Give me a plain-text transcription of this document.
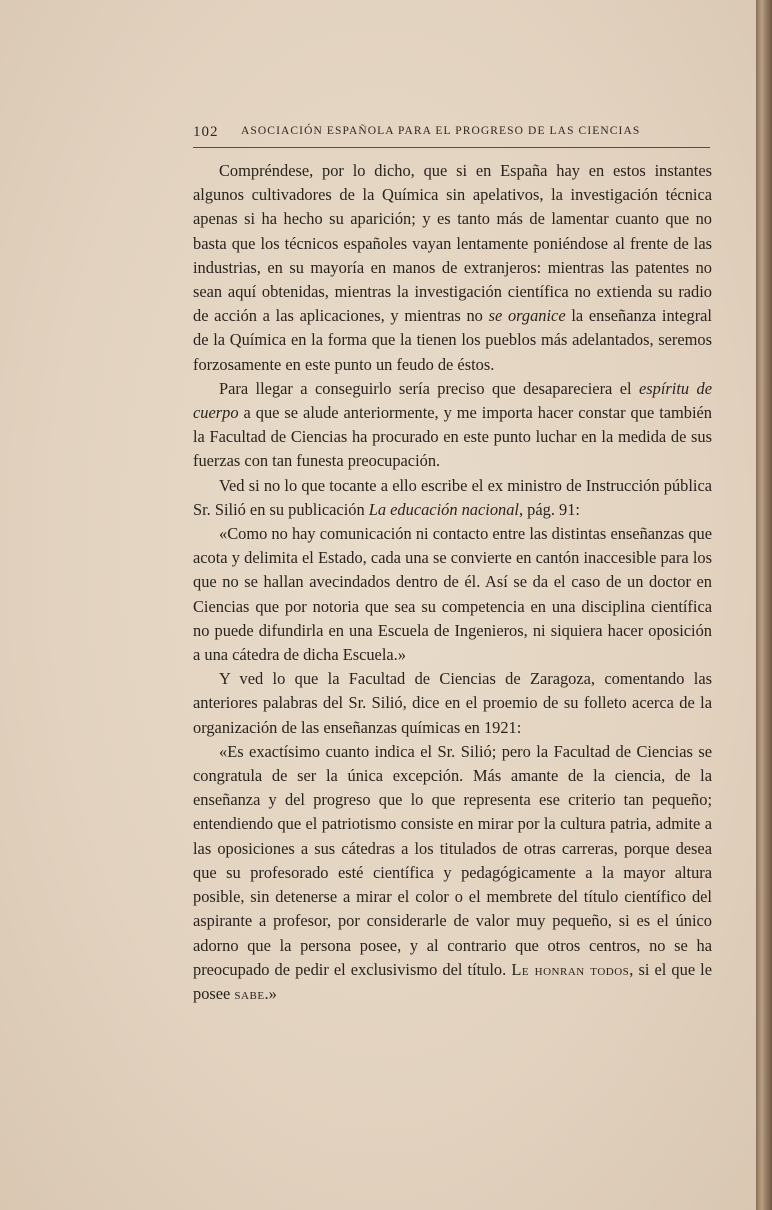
102 ASOCIACIÓN ESPAÑOLA PARA EL PROGRESO DE LAS CIENCIAS

Compréndese, por lo dicho, que si en España hay en estos instantes algunos cultivadores de la Química sin apelativos, la investigación técnica apenas si ha hecho su aparición; y es tanto más de lamentar cuanto que no basta que los técnicos españoles vayan lentamente poniéndose al frente de las industrias, en su mayoría en manos de extranjeros: mientras las patentes no sean aquí obtenidas, mientras la investigación científica no extienda su radio de acción a las aplicaciones, y mientras no se organice la enseñanza integral de la Química en la forma que la tienen los pueblos más adelantados, seremos forzosamente en este punto un feudo de éstos.

Para llegar a conseguirlo sería preciso que desapareciera el espíritu de cuerpo a que se alude anteriormente, y me importa hacer constar que también la Facultad de Ciencias ha procurado en este punto luchar en la medida de sus fuerzas con tan funesta preocupación.

Ved si no lo que tocante a ello escribe el ex ministro de Instrucción pública Sr. Silió en su publicación La educación nacional, pág. 91:

«Como no hay comunicación ni contacto entre las distintas enseñanzas que acota y delimita el Estado, cada una se convierte en cantón inaccesible para los que no se hallan avecindados dentro de él. Así se da el caso de un doctor en Ciencias que por notoria que sea su competencia en una disciplina científica no puede difundirla en una Escuela de Ingenieros, ni siquiera hacer oposición a una cátedra de dicha Escuela.»

Y ved lo que la Facultad de Ciencias de Zaragoza, comentando las anteriores palabras del Sr. Silió, dice en el proemio de su folleto acerca de la organización de las enseñanzas químicas en 1921:

«Es exactísimo cuanto indica el Sr. Silió; pero la Facultad de Ciencias se congratula de ser la única excepción. Más amante de la ciencia, de la enseñanza y del progreso que lo que representa ese criterio tan pequeño; entendiendo que el patriotismo consiste en mirar por la cultura patria, admite a las oposiciones a sus cátedras a los titulados de otras carreras, porque desea que su profesorado esté científica y pedagógicamente a la mayor altura posible, sin detenerse a mirar el color o el membrete del título científico del aspirante a profesor, por considerarle de valor muy pequeño, si es el único adorno que la persona posee, y al contrario que otros centros, no se ha preocupado de pedir el exclusivismo del título. Le honran todos, si el que le posee sabe.»
